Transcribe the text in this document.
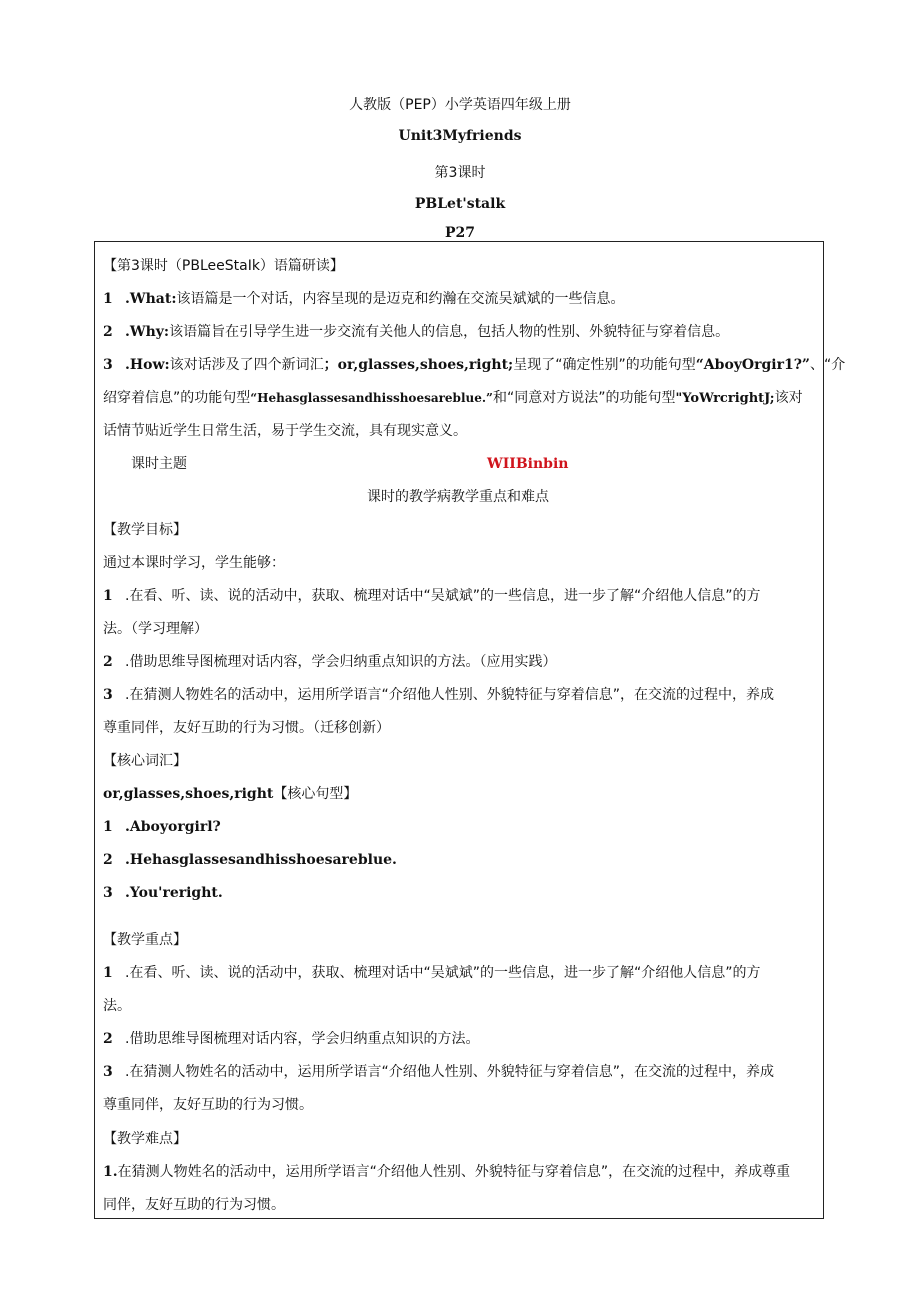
人教版（PEP）小学英语四年级上册
Unit3Myfriends
第3课时
PBLet'stalk
P27
【第3课时（PBLeeStaIk）语篇研读】
1 .What:该语篇是一个对话，内容呈现的是迈克和约瀚在交流吴斌斌的一些信息。
2 .Why:该语篇旨在引导学生进一步交流有关他人的信息，包括人物的性别、外貌特征与穿着信息。
3 .How:该对话涉及了四个新词汇；or,glasses,shoes,right;呈现了“确定性别”的功能句型“AboyOrgir1?”、“介
绍穿着信息”的功能句型“Hehasglassesandhisshoesareblue.”和“同意对方说法”的功能句型"YoWrcrightJ;该对
话情节贴近学生日常生活，易于学生交流，具有现实意义。
课时主题	WIIBinbin
课时的教学病教学重点和难点
【教学目标】
通过本课时学习，学生能够：
1 .在看、听、读、说的活动中，获取、梳理对话中“吴斌斌”的一些信息，进一步了解“介绍他人信息”的方
法。（学习理解）
2 .借助思维导图梳理对话内容，学会归纳重点知识的方法。（应用实践）
3 .在猜测人物姓名的活动中，运用所学语言“介绍他人性别、外貌特征与穿着信息”，在交流的过程中，养成
尊重同伴，友好互助的行为习惯。（迁移创新）
【核心词汇】
or,glasses,shoes,right【核心句型】
1 .Aboyorgirl?
2 .Hehasglassesandhisshoesareblue.
3 .You'reright.
【教学重点】
1 .在看、听、读、说的活动中，获取、梳理对话中“吴斌斌”的一些信息，进一步了解“介绍他人信息”的方
法。
2 .借助思维导图梳理对话内容，学会归纳重点知识的方法。
3 .在猜测人物姓名的活动中，运用所学语言“介绍他人性别、外貌特征与穿着信息”，在交流的过程中，养成
尊重同伴，友好互助的行为习惯。
【教学难点】
1.在猜测人物姓名的活动中，运用所学语言“介绍他人性别、外貌特征与穿着信息”，在交流的过程中，养成尊重
同伴，友好互助的行为习惯。
